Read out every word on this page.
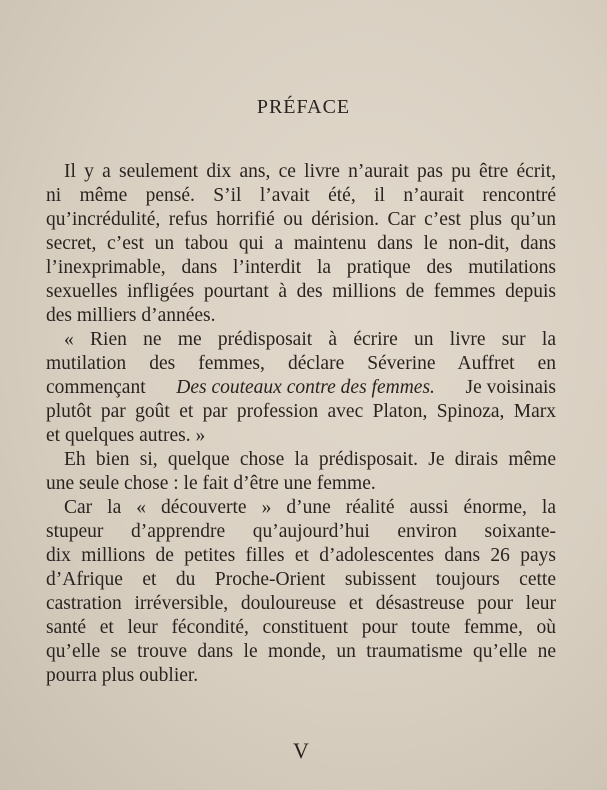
PRÉFACE
Il y a seulement dix ans, ce livre n’aurait pas pu être écrit,
ni même pensé. S’il l’avait été, il n’aurait rencontré
qu’incrédulité, refus horrifié ou dérision. Car c’est plus qu’un
secret, c’est un tabou qui a maintenu dans le non-dit, dans
l’inexprimable, dans l’interdit la pratique des mutilations
sexuelles infligées pourtant à des millions de femmes depuis
des milliers d’années.
« Rien ne me prédisposait à écrire un livre sur la
mutilation des femmes, déclare Séverine Auffret en
commençant Des couteaux contre des femmes. Je voisinais
plutôt par goût et par profession avec Platon, Spinoza, Marx
et quelques autres. »
Eh bien si, quelque chose la prédisposait. Je dirais même
une seule chose : le fait d’être une femme.
Car la « découverte » d’une réalité aussi énorme, la
stupeur d’apprendre qu’aujourd’hui environ soixante-
dix millions de petites filles et d’adolescentes dans 26 pays
d’Afrique et du Proche-Orient subissent toujours cette
castration irréversible, douloureuse et désastreuse pour leur
santé et leur fécondité, constituent pour toute femme, où
qu’elle se trouve dans le monde, un traumatisme qu’elle ne
pourra plus oublier.
V
